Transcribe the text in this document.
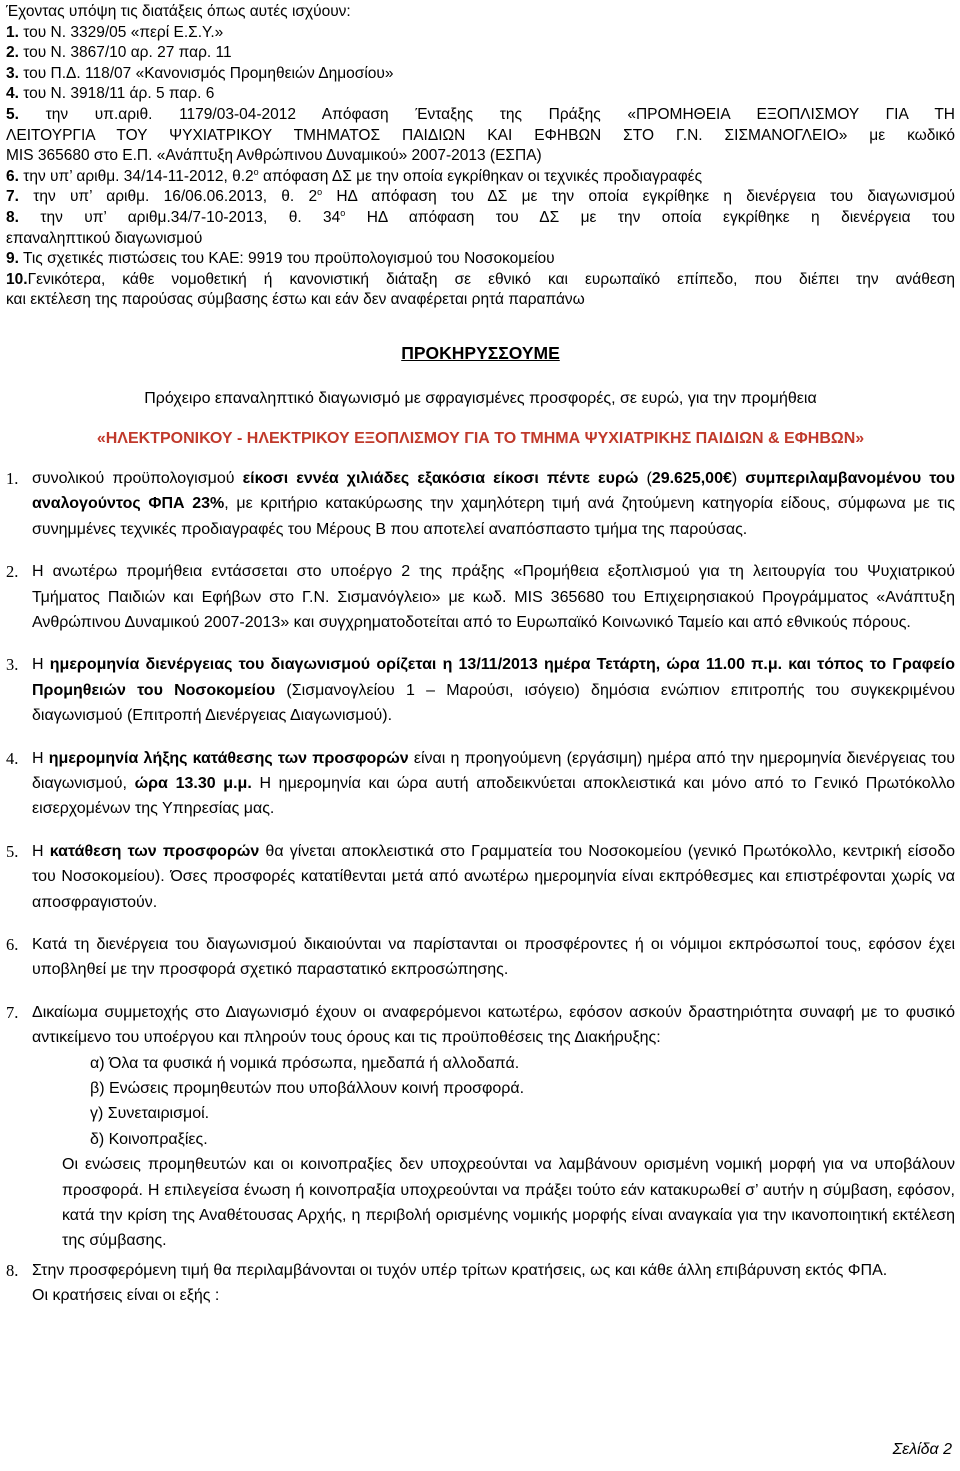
Έχοντας υπόψη τις διατάξεις όπως αυτές ισχύουν:
1. του Ν. 3329/05 «περί Ε.Σ.Υ.»
2. του Ν. 3867/10 αρ. 27 παρ. 11
3. του Π.Δ. 118/07 «Κανονισμός Προμηθειών Δημοσίου»
4. του Ν. 3918/11 άρ. 5 παρ. 6
5. την υπ.αριθ. 1179/03-04-2012 Απόφαση Ένταξης της Πράξης «ΠΡΟΜΗΘΕΙΑ ΕΞΟΠΛΙΣΜΟΥ ΓΙΑ ΤΗ
ΛΕΙΤΟΥΡΓΙΑ ΤΟΥ ΨΥΧΙΑΤΡΙΚΟΥ ΤΜΗΜΑΤΟΣ ΠΑΙΔΙΩΝ ΚΑΙ ΕΦΗΒΩΝ ΣΤΟ Γ.Ν. ΣΙΣΜΑΝΟΓΛΕΙΟ» με κωδικό
MIS 365680 στο Ε.Π. «Ανάπτυξη Ανθρώπινου Δυναμικού» 2007-2013 (ΕΣΠΑ)
6. την υπ’ αριθμ. 34/14-11-2012, $\theta.2^o$ απόφαση ΔΣ με την οποία εγκρίθηκαν οι τεχνικές προδιαγραφές
7. την υπ’ αριθμ. 16/06.06.2013, θ. $2^o$ ΗΔ απόφαση του ΔΣ με την οποία εγκρίθηκε η διενέργεια του διαγωνισμού
8. την υπ’ αριθμ.34/7-10-2013, θ. $34^o$ ΗΔ απόφαση του ΔΣ με την οποία εγκρίθηκε η διενέργεια του
επαναληπτικού διαγωνισμού
9. Τις σχετικές πιστώσεις του ΚΑΕ: 9919 του προϋπολογισμού του Νοσοκομείου
10.Γενικότερα, κάθε νομοθετική ή κανονιστική διάταξη σε εθνικό και ευρωπαϊκό επίπεδο, που διέπει την ανάθεση
και εκτέλεση της παρούσας σύμβασης έστω και εάν δεν αναφέρεται ρητά παραπάνω
ΠΡΟΚΗΡΥΣΣΟΥΜΕ
Πρόχειρο επαναληπτικό διαγωνισμό με σφραγισμένες προσφορές, σε ευρώ, για την προμήθεια
«ΗΛΕΚΤΡΟΝΙΚΟΥ - ΗΛΕΚΤΡΙΚΟΥ ΕΞΟΠΛΙΣΜΟΥ ΓΙΑ ΤΟ ΤΜΗΜΑ ΨΥΧΙΑΤΡΙΚΗΣ ΠΑΙΔΙΩΝ & ΕΦΗΒΩΝ»
1. συνολικού προϋπολογισμού είκοσι εννέα χιλιάδες εξακόσια είκοσι πέντε ευρώ (29.625,00€) συμπεριλαμβανομένου του αναλογούντος ΦΠΑ 23%, με κριτήριο κατακύρωσης την χαμηλότερη τιμή ανά ζητούμενη κατηγορία είδους, σύμφωνα με τις συνημμένες τεχνικές προδιαγραφές του Μέρους Β που αποτελεί αναπόσπαστο τμήμα της παρούσας.
2. Η ανωτέρω προμήθεια εντάσσεται στο υποέργο 2 της πράξης «Προμήθεια εξοπλισμού για τη λειτουργία του Ψυχιατρικού Τμήματος Παιδιών και Εφήβων στο Γ.Ν. Σισμανόγλειο» με κωδ. MIS 365680 του Επιχειρησιακού Προγράμματος «Ανάπτυξη Ανθρώπινου Δυναμικού 2007-2013» και συγχρηματοδοτείται από το Ευρωπαϊκό Κοινωνικό Ταμείο και από εθνικούς πόρους.
3. Η ημερομηνία διενέργειας του διαγωνισμού ορίζεται η 13/11/2013 ημέρα Τετάρτη, ώρα 11.00 π.μ. και τόπος το Γραφείο Προμηθειών του Νοσοκομείου (Σισμανογλείου 1 – Μαρούσι, ισόγειο) δημόσια ενώπιον επιτροπής του συγκεκριμένου διαγωνισμού (Επιτροπή Διενέργειας Διαγωνισμού).
4. Η ημερομηνία λήξης κατάθεσης των προσφορών είναι η προηγούμενη (εργάσιμη) ημέρα από την ημερομηνία διενέργειας του διαγωνισμού, ώρα 13.30 μ.μ. Η ημερομηνία και ώρα αυτή αποδεικνύεται αποκλειστικά και μόνο από το Γενικό Πρωτόκολλο εισερχομένων της Υπηρεσίας μας.
5. Η κατάθεση των προσφορών θα γίνεται αποκλειστικά στο Γραμματεία του Νοσοκομείου (γενικό Πρωτόκολλο, κεντρική είσοδο του Νοσοκομείου). Όσες προσφορές κατατίθενται μετά από ανωτέρω ημερομηνία είναι εκπρόθεσμες και επιστρέφονται χωρίς να αποσφραγιστούν.
6. Κατά τη διενέργεια του διαγωνισμού δικαιούνται να παρίστανται οι προσφέροντες ή οι νόμιμοι εκπρόσωποί τους, εφόσον έχει υποβληθεί με την προσφορά σχετικό παραστατικό εκπροσώπησης.
7. Δικαίωμα συμμετοχής στο Διαγωνισμό έχουν οι αναφερόμενοι κατωτέρω, εφόσον ασκούν δραστηριότητα συναφή με το φυσικό αντικείμενο του υποέργου και πληρούν τους όρους και τις προϋποθέσεις της Διακήρυξης:
α) Όλα τα φυσικά ή νομικά πρόσωπα, ημεδαπά ή αλλοδαπά.
β) Ενώσεις προμηθευτών που υποβάλλουν κοινή προσφορά.
γ) Συνεταιρισμοί.
δ) Κοινοπραξίες.
Οι ενώσεις προμηθευτών και οι κοινοπραξίες δεν υποχρεούνται να λαμβάνουν ορισμένη νομική μορφή για να υποβάλουν προσφορά. Η επιλεγείσα ένωση ή κοινοπραξία υποχρεούνται να πράξει τούτο εάν κατακυρωθεί σ’ αυτήν η σύμβαση, εφόσον, κατά την κρίση της Αναθέτουσας Αρχής, η περιβολή ορισμένης νομικής μορφής είναι αναγκαία για την ικανοποιητική εκτέλεση της σύμβασης.
8. Στην προσφερόμενη τιμή θα περιλαμβάνονται οι τυχόν υπέρ τρίτων κρατήσεις, ως και κάθε άλλη επιβάρυνση εκτός ΦΠΑ.
Οι κρατήσεις είναι οι εξής :
Σελίδα 2
